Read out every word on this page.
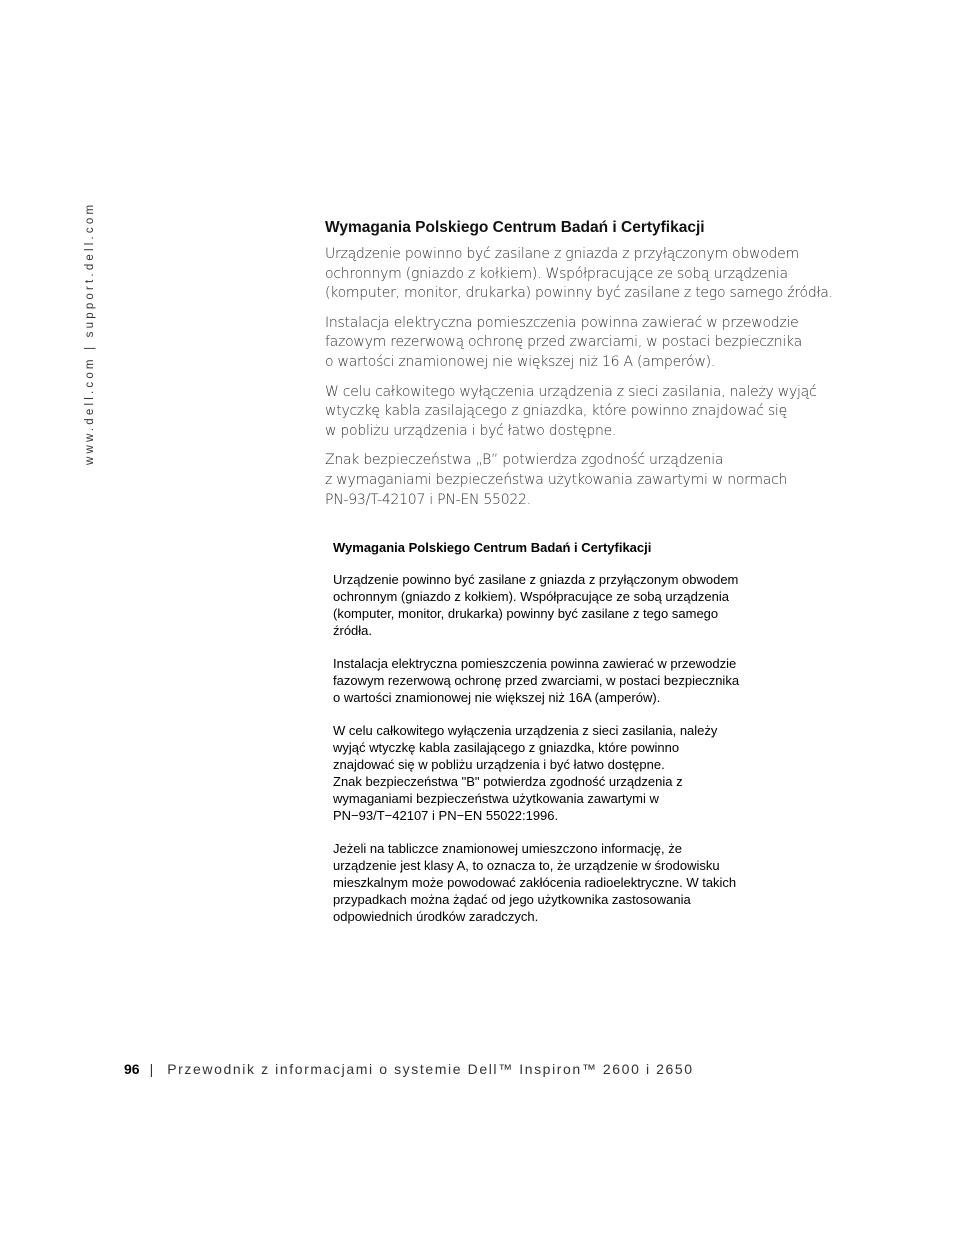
www.dell.com | support.dell.com	Wymagania Polskiego Centrum Badań i Certyfikacji

Urządzenie powinno być zasilane z gniazda z przyłączonym obwodem
ochronnym (gniazdo z kołkiem). Współpracujące ze sobą urządzenia
(komputer, monitor, drukarka) powinny być zasilane z tego samego źródła.

Instalacja elektryczna pomieszczenia powinna zawierać w przewodzie
fazowym rezerwową ochronę przed zwarciami, w postaci bezpiecznika
o wartości znamionowej nie większej niż 16 A (amperów).

W celu całkowitego wyłączenia urządzenia z sieci zasilania, należy wyjąć
wtyczkę kabla zasilającego z gniazdka, które powinno znajdować się
w pobliżu urządzenia i być łatwo dostępne.

Znak bezpieczeństwa „B” potwierdza zgodność urządzenia
z wymaganiami bezpieczeństwa użytkowania zawartymi w normach
PN-93/T-42107 i PN-EN 55022.

Wymagania Polskiego Centrum Badań i Certyfikacji

Urządzenie powinno być zasilane z gniazda z przyłączonym obwodem
ochronnym (gniazdo z kołkiem). Współpracujące ze sobą urządzenia
(komputer, monitor, drukarka) powinny być zasilane z tego samego
źródła.

Instalacja elektryczna pomieszczenia powinna zawierać w przewodzie
fazowym rezerwową ochronę przed zwarciami, w postaci bezpiecznika
o wartości znamionowej nie większej niż 16A (amperów).

W celu całkowitego wyłączenia urządzenia z sieci zasilania, należy
wyjąć wtyczkę kabla zasilającego z gniazdka, które powinno
znajdować się w pobliżu urządzenia i być łatwo dostępne.

Znak bezpieczeństwa "B" potwierdza zgodność urządzenia z
wymaganiami bezpieczeństwa użytkowania zawartymi w
PN−93/T−42107 i PN−EN 55022:1996.

Jeżeli na tabliczce znamionowej umieszczono informację, że
urządzenie jest klasy A, to oznacza to, że urządzenie w środowisku
mieszkalnym może powodować zakłócenia radioelektryczne. W takich
przypadkach można żądać od jego użytkownika zastosowania
odpowiednich úrodków zaradczych.

96 | Przewodnik z informacjami o systemie Dell™ Inspiron™ 2600 i 2650
